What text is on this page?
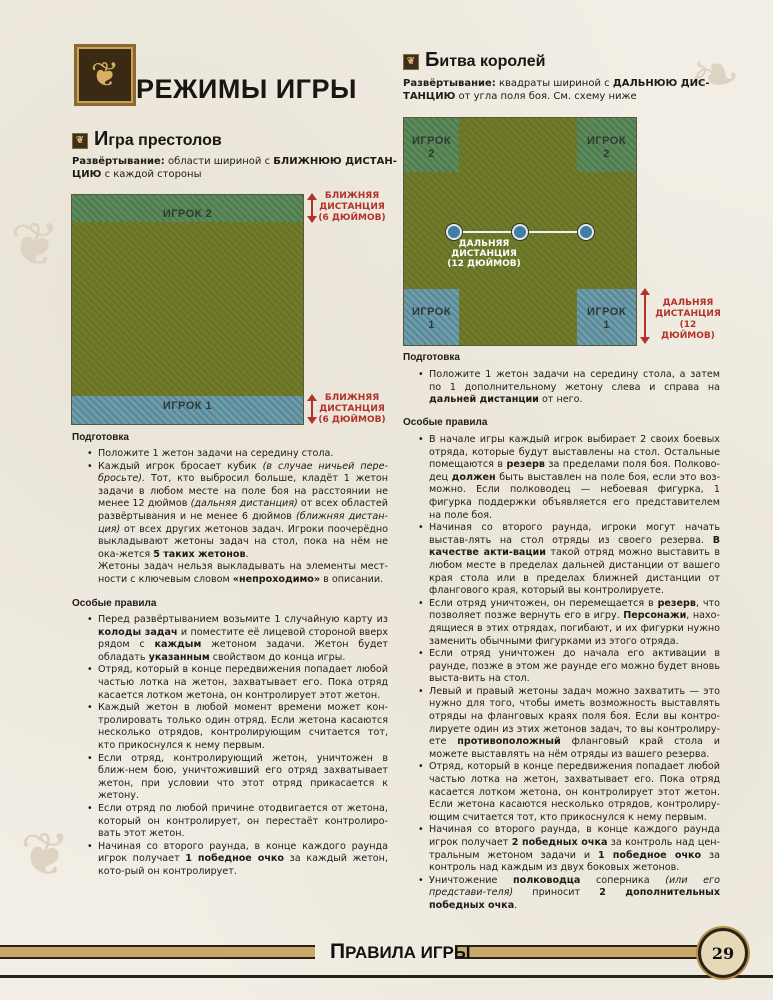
❦
❧
❦
❦ РЕЖИМЫ ИГРЫ
❦ Игра престолов
Развёртывание: области шириной с БЛИЖНЮЮ ДИСТАН-
ЦИЮ с каждой стороны
ИГРОК 2
ИГРОК 1
БЛИЖНЯЯ
ДИСТАНЦИЯ
(6 ДЮЙМОВ)
БЛИЖНЯЯ
ДИСТАНЦИЯ
(6 ДЮЙМОВ)
Подготовка
• Положите 1 жетон задачи на середину стола.
• Каждый игрок бросает кубик (в случае ничьей пере-бросьте). Тот, кто выбросил больше, кладёт 1 жетон задачи в любом месте на поле боя на расстоянии не менее 12 дюймов (дальняя дистанция) от всех областей развёртывания и не менее 6 дюймов (ближняя дистан-ция) от всех других жетонов задач. Игроки поочерёдно выкладывают жетоны задач на стол, пока на нём не ока-жется 5 таких жетонов.
Жетоны задач нельзя выкладывать на элементы мест-ности с ключевым словом «непроходимо» в описании.
Особые правила
• Перед развёртыванием возьмите 1 случайную карту из колоды задач и поместите её лицевой стороной вверх рядом с каждым жетоном задачи. Жетон будет обладать указанным свойством до конца игры.
• Отряд, который в конце передвижения попадает любой частью лотка на жетон, захватывает его. Пока отряд касается лотком жетона, он контролирует этот жетон.
• Каждый жетон в любой момент времени может кон-тролировать только один отряд. Если жетона касаются несколько отрядов, контролирующим считается тот, кто прикоснулся к нему первым.
• Если отряд, контролирующий жетон, уничтожен в ближ-нем бою, уничтоживший его отряд захватывает жетон, при условии что этот отряд прикасается к жетону.
• Если отряд по любой причине отодвигается от жетона, который он контролирует, он перестаёт контролиро-вать этот жетон.
• Начиная со второго раунда, в конце каждого раунда игрок получает 1 победное очко за каждый жетон, кото-рый он контролирует.
❦ Битва королей
Развёртывание: квадраты шириной с ДАЛЬНЮЮ ДИС-
ТАНЦИЮ от угла поля боя. См. схему ниже
ИГРОК
2
ИГРОК
2
ИГРОК
1
ИГРОК
1
ДАЛЬНЯЯ
ДИСТАНЦИЯ
(12 ДЮЙМОВ)
ДАЛЬНЯЯ
ДИСТАНЦИЯ
(12 ДЮЙМОВ)
Подготовка
• Положите 1 жетон задачи на середину стола, а затем по 1 дополнительному жетону слева и справа на дальней дистанции от него.
Особые правила
• В начале игры каждый игрок выбирает 2 своих боевых отряда, которые будут выставлены на стол. Остальные помещаются в резерв за пределами поля боя. Полково-дец должен быть выставлен на поле боя, если это воз-можно. Если полководец — небоевая фигурка, 1 фигурка поддержки объявляется его представителем на поле боя.
• Начиная со второго раунда, игроки могут начать выстав-лять на стол отряды из своего резерва. В качестве акти-вации такой отряд можно выставить в любом месте в пределах дальней дистанции от вашего края стола или в пределах ближней дистанции от флангового края, который вы контролируете.
• Если отряд уничтожен, он перемещается в резерв, что позволяет позже вернуть его в игру. Персонажи, нахо-дящиеся в этих отрядах, погибают, и их фигурки нужно заменить обычными фигурками из этого отряда.
• Если отряд уничтожен до начала его активации в раунде, позже в этом же раунде его можно будет вновь выста-вить на стол.
• Левый и правый жетоны задач можно захватить — это нужно для того, чтобы иметь возможность выставлять отряды на фланговых краях поля боя. Если вы контро-лируете один из этих жетонов задач, то вы контролиру-ете противоположный фланговый край стола и можете выставлять на нём отряды из вашего резерва.
• Отряд, который в конце передвижения попадает любой частью лотка на жетон, захватывает его. Пока отряд касается лотком жетона, он контролирует этот жетон. Если жетона касаются несколько отрядов, контролиру-ющим считается тот, кто прикоснулся к нему первым.
• Начиная со второго раунда, в конце каждого раунда игрок получает 2 победных очка за контроль над цен-тральным жетоном задачи и 1 победное очко за контроль над каждым из двух боковых жетонов.
• Уничтожение полководца соперника (или его представи-теля) приносит 2 дополнительных победных очка.
ПРАВИЛА ИГРЫ	29
